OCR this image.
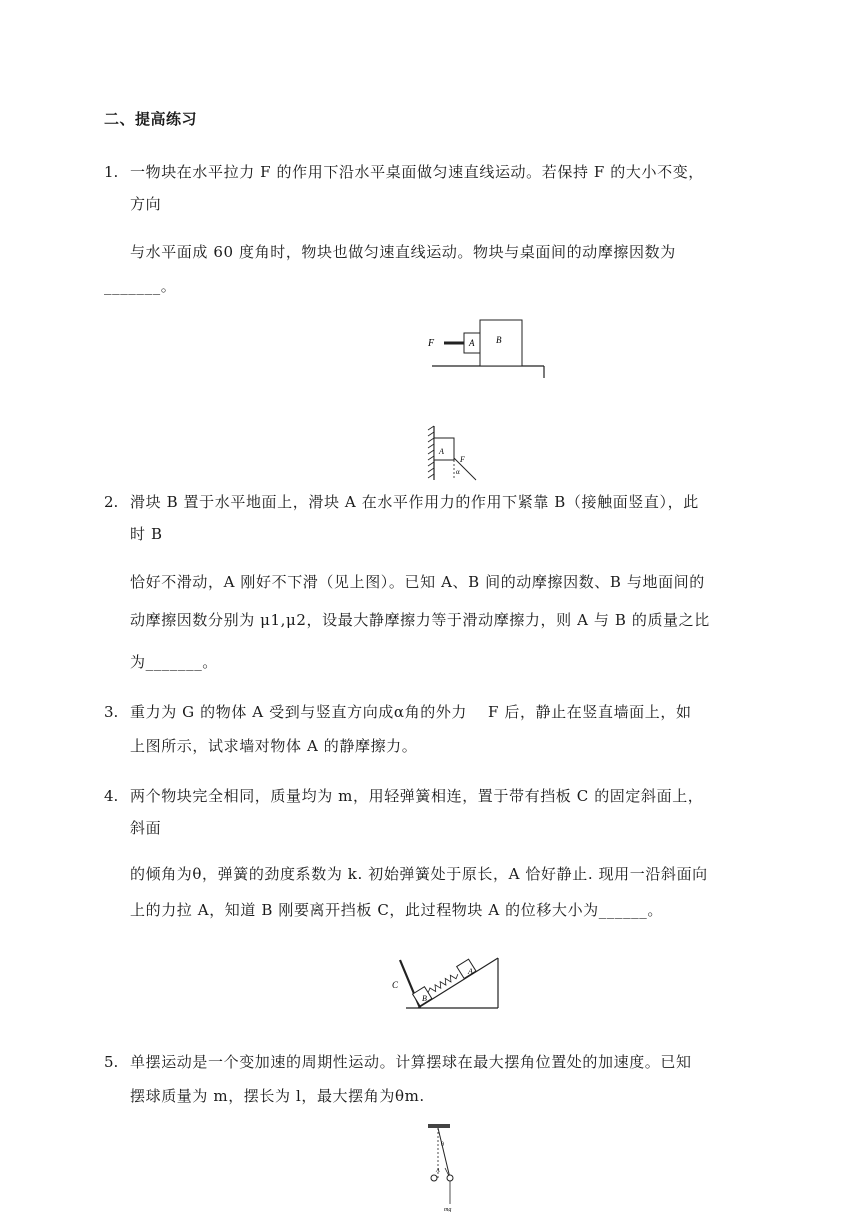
二、提高练习
1. 一物块在水平拉力 F 的作用下沿水平桌面做匀速直线运动。若保持 F 的大小不变，
方向
与水平面成 60 度角时，物块也做匀速直线运动。物块与桌面间的动摩擦因数为
_______。
F	A B
A
F
α
2. 滑块 B 置于水平地面上，滑块 A 在水平作用力的作用下紧靠 B（接触面竖直），此
时 B
恰好不滑动，A 刚好不下滑（见上图）。已知 A、B 间的动摩擦因数、B 与地面间的
动摩擦因数分别为 μ1,μ2，设最大静摩擦力等于滑动摩擦力，则 A 与 B 的质量之比
为_______。
3. 重力为 G 的物体 A 受到与竖直方向成α角的外力　 F 后，静止在竖直墙面上，如
上图所示，试求墙对物体 A 的静摩擦力。
4. 两个物块完全相同，质量均为 m，用轻弹簧相连，置于带有挡板 C 的固定斜面上，
斜面
的倾角为θ，弹簧的劲度系数为 k. 初始弹簧处于原长，A 恰好静止. 现用一沿斜面向
上的力拉 A，知道 B 刚要离开挡板 C，此过程物块 A 的位移大小为______。
C
B
A
5. 单摆运动是一个变加速的周期性运动。计算摆球在最大摆角位置处的加速度。已知
摆球质量为 m，摆长为 l，最大摆角为θm.
θ
A
mg
